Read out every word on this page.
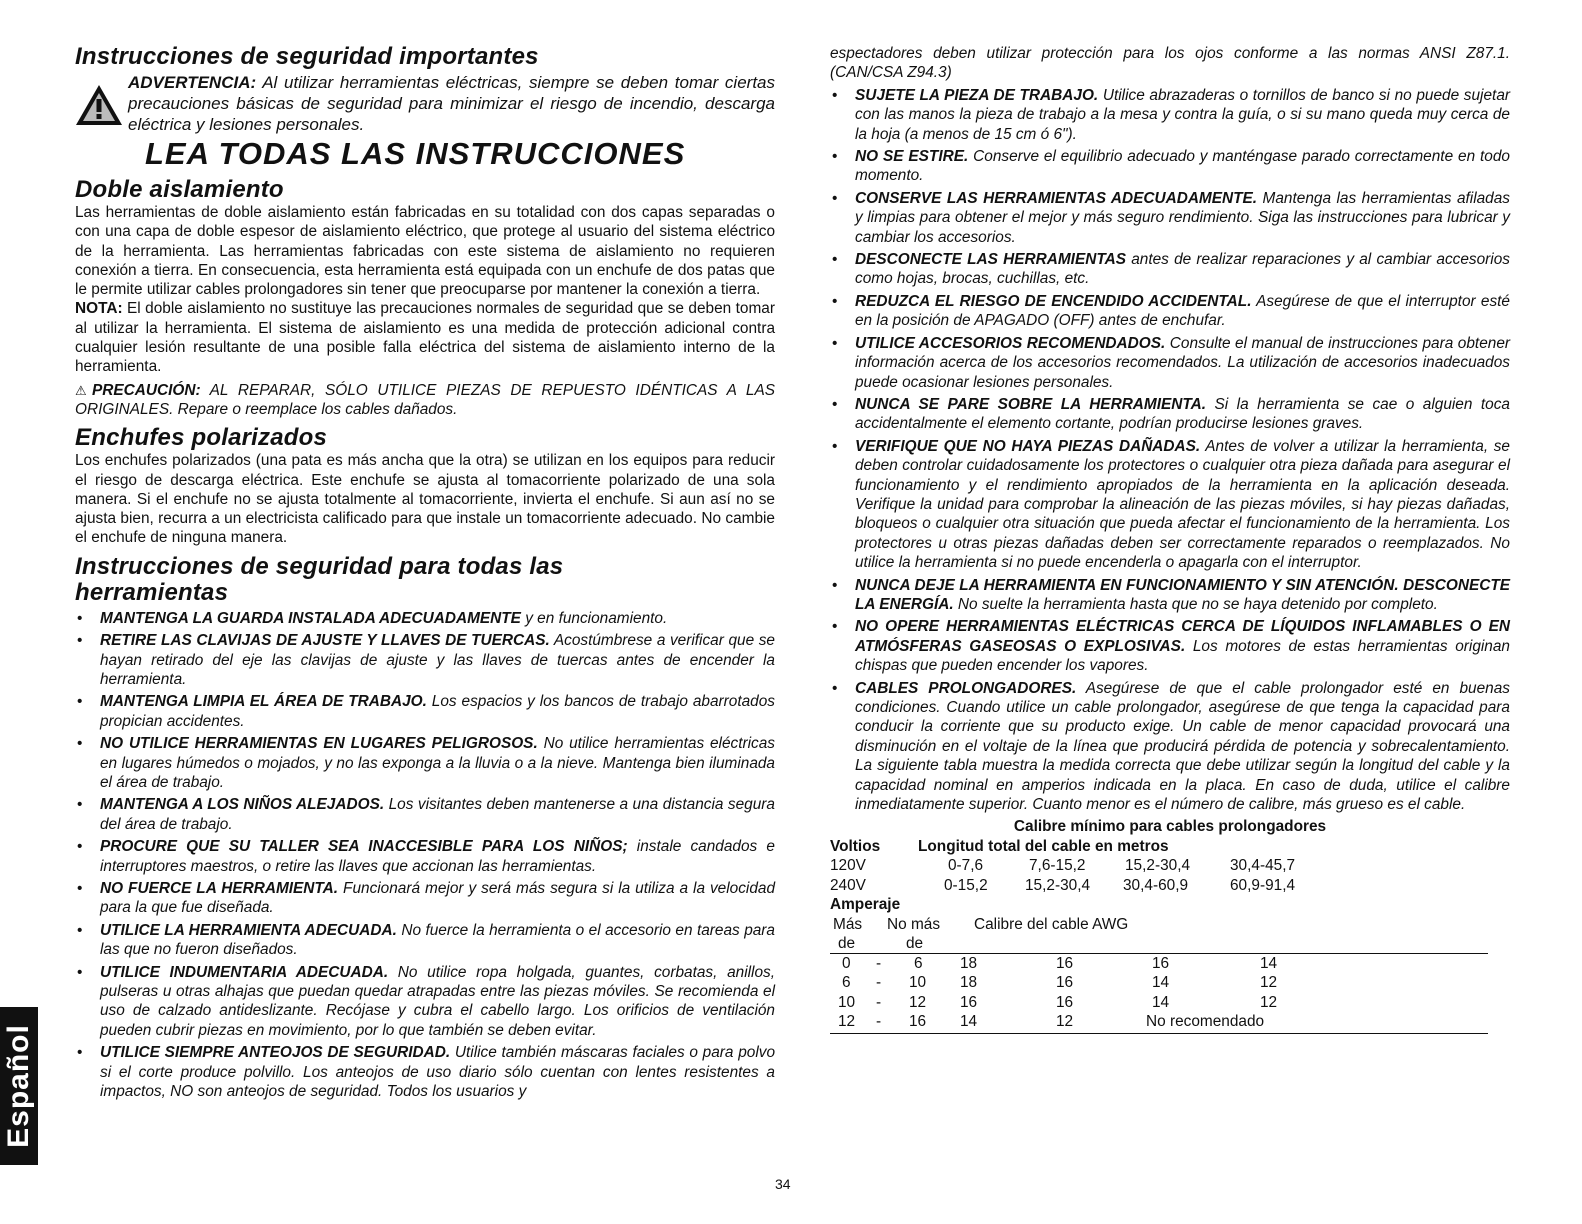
Instrucciones de seguridad importantes
ADVERTENCIA: Al utilizar herramientas eléctricas, siempre se deben tomar ciertas precauciones básicas de seguridad para minimizar el riesgo de incendio, descarga eléctrica y lesiones personales.
LEA TODAS LAS INSTRUCCIONES
Doble aislamiento

Las herramientas de doble aislamiento están fabricadas en su totalidad con dos capas separadas o con una capa de doble espesor de aislamiento eléctrico, que protege al usuario del sistema eléctrico de la herramienta. Las herramientas fabricadas con este sistema de aislamiento no requieren conexión a tierra. En consecuencia, esta herramienta está equipada con un enchufe de dos patas que le permite utilizar cables prolongadores sin tener que preocuparse por mantener la conexión a tierra.

NOTA: El doble aislamiento no sustituye las precauciones normales de seguridad que se deben tomar al utilizar la herramienta. El sistema de aislamiento es una medida de protección adicional contra cualquier lesión resultante de una posible falla eléctrica del sistema de aislamiento interno de la herramienta.

⚠PRECAUCIÓN: AL REPARAR, SÓLO UTILICE PIEZAS DE REPUESTO IDÉNTICAS A LAS ORIGINALES. Repare o reemplace los cables dañados.

Enchufes polarizados

Los enchufes polarizados (una pata es más ancha que la otra) se utilizan en los equipos para reducir el riesgo de descarga eléctrica. Este enchufe se ajusta al tomacorriente polarizado de una sola manera. Si el enchufe no se ajusta totalmente al tomacorriente, invierta el enchufe. Si aun así no se ajusta bien, recurra a un electricista calificado para que instale un tomacorriente adecuado. No cambie el enchufe de ninguna manera.

Instrucciones de seguridad para todas las herramientas
• MANTENGA LA GUARDA INSTALADA ADECUADAMENTE y en funcionamiento.
• RETIRE LAS CLAVIJAS DE AJUSTE Y LLAVES DE TUERCAS. Acostúmbrese a verificar que se hayan retirado del eje las clavijas de ajuste y las llaves de tuercas antes de encender la herramienta.
• MANTENGA LIMPIA EL ÁREA DE TRABAJO. Los espacios y los bancos de trabajo abarrotados propician accidentes.
• NO UTILICE HERRAMIENTAS EN LUGARES PELIGROSOS. No utilice herramientas eléctricas en lugares húmedos o mojados, y no las exponga a la lluvia o a la nieve. Mantenga bien iluminada el área de trabajo.
• MANTENGA A LOS NIÑOS ALEJADOS. Los visitantes deben mantenerse a una distancia segura del área de trabajo.
• PROCURE QUE SU TALLER SEA INACCESIBLE PARA LOS NIÑOS; instale candados e interruptores maestros, o retire las llaves que accionan las herramientas.
• NO FUERCE LA HERRAMIENTA. Funcionará mejor y será más segura si la utiliza a la velocidad para la que fue diseñada.
• UTILICE LA HERRAMIENTA ADECUADA. No fuerce la herramienta o el accesorio en tareas para las que no fueron diseñados.
• UTILICE INDUMENTARIA ADECUADA. No utilice ropa holgada, guantes, corbatas, anillos, pulseras u otras alhajas que puedan quedar atrapadas entre las piezas móviles. Se recomienda el uso de calzado antideslizante. Recójase y cubra el cabello largo. Los orificios de ventilación pueden cubrir piezas en movimiento, por lo que también se deben evitar.
• UTILICE SIEMPRE ANTEOJOS DE SEGURIDAD. Utilice también máscaras faciales o para polvo si el corte produce polvillo. Los anteojos de uso diario sólo cuentan con lentes resistentes a impactos, NO son anteojos de seguridad. Todos los usuarios y
espectadores deben utilizar protección para los ojos conforme a las normas ANSI Z87.1. (CAN/CSA Z94.3)
• SUJETE LA PIEZA DE TRABAJO. Utilice abrazaderas o tornillos de banco si no puede sujetar con las manos la pieza de trabajo a la mesa y contra la guía, o si su mano queda muy cerca de la hoja (a menos de 15 cm ó 6").
• NO SE ESTIRE. Conserve el equilibrio adecuado y manténgase parado correctamente en todo momento.
• CONSERVE LAS HERRAMIENTAS ADECUADAMENTE. Mantenga las herramientas afiladas y limpias para obtener el mejor y más seguro rendimiento. Siga las instrucciones para lubricar y cambiar los accesorios.
• DESCONECTE LAS HERRAMIENTAS antes de realizar reparaciones y al cambiar accesorios como hojas, brocas, cuchillas, etc.
• REDUZCA EL RIESGO DE ENCENDIDO ACCIDENTAL. Asegúrese de que el interruptor esté en la posición de APAGADO (OFF) antes de enchufar.
• UTILICE ACCESORIOS RECOMENDADOS. Consulte el manual de instrucciones para obtener información acerca de los accesorios recomendados. La utilización de accesorios inadecuados puede ocasionar lesiones personales.
• NUNCA SE PARE SOBRE LA HERRAMIENTA. Si la herramienta se cae o alguien toca accidentalmente el elemento cortante, podrían producirse lesiones graves.
• VERIFIQUE QUE NO HAYA PIEZAS DAÑADAS. Antes de volver a utilizar la herramienta, se deben controlar cuidadosamente los protectores o cualquier otra pieza dañada para asegurar el funcionamiento y el rendimiento apropiados de la herramienta en la aplicación deseada. Verifique la unidad para comprobar la alineación de las piezas móviles, si hay piezas dañadas, bloqueos o cualquier otra situación que pueda afectar el funcionamiento de la herramienta. Los protectores u otras piezas dañadas deben ser correctamente reparados o reemplazados. No utilice la herramienta si no puede encenderla o apagarla con el interruptor.
• NUNCA DEJE LA HERRAMIENTA EN FUNCIONAMIENTO Y SIN ATENCIÓN. DESCONECTE LA ENERGÍA. No suelte la herramienta hasta que no se haya detenido por completo.
• NO OPERE HERRAMIENTAS ELÉCTRICAS CERCA DE LÍQUIDOS INFLAMABLES O EN ATMÓSFERAS GASEOSAS O EXPLOSIVAS. Los motores de estas herramientas originan chispas que pueden encender los vapores.
• CABLES PROLONGADORES. Asegúrese de que el cable prolongador esté en buenas condiciones. Cuando utilice un cable prolongador, asegúrese de que tenga la capacidad para conducir la corriente que su producto exige. Un cable de menor capacidad provocará una disminución en el voltaje de la línea que producirá pérdida de potencia y sobrecalentamiento. La siguiente tabla muestra la medida correcta que debe utilizar según la longitud del cable y la capacidad nominal en amperios indicada en la placa. En caso de duda, utilice el calibre inmediatamente superior. Cuanto menor es el número de calibre, más grueso es el cable.
Calibre mínimo para cables prolongadores
Voltios Longitud total del cable en metros
120V	0-7,6	7,6-15,2	15,2-30,4	30,4-45,7
240V	0-15,2 15,2-30,4 30,4-60,9	60,9-91,4
Amperaje
Más No más Calibre del cable AWG
de	de
0 - 6 18	16	16	14
6 - 10 18	16	14	12
10 - 12 16	16	14	12
12 - 16 14	12	No recomendado
Español
34
